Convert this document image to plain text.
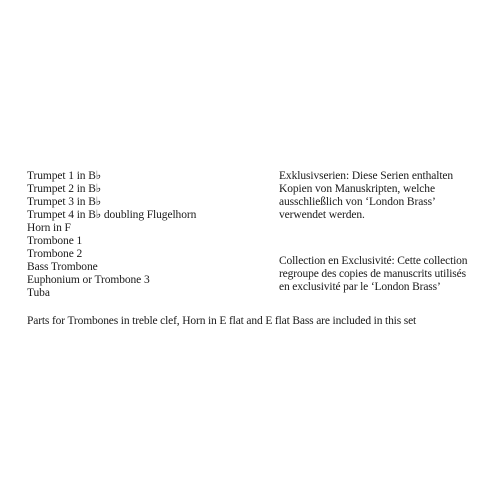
Trumpet 1 in B♭
Trumpet 2 in B♭
Trumpet 3 in B♭
Trumpet 4 in B♭ doubling Flugelhorn
Horn in F
Trombone 1
Trombone 2
Bass Trombone
Euphonium or Trombone 3
Tuba
Exklusivserien: Diese Serien enthalten
Kopien von Manuskripten, welche
ausschließlich von ‘London Brass’
verwendet werden.
Collection en Exclusivité: Cette collection
regroupe des copies de manuscrits utilisés
en exclusivité par le ‘London Brass’
Parts for Trombones in treble clef, Horn in E flat and E flat Bass are included in this set
